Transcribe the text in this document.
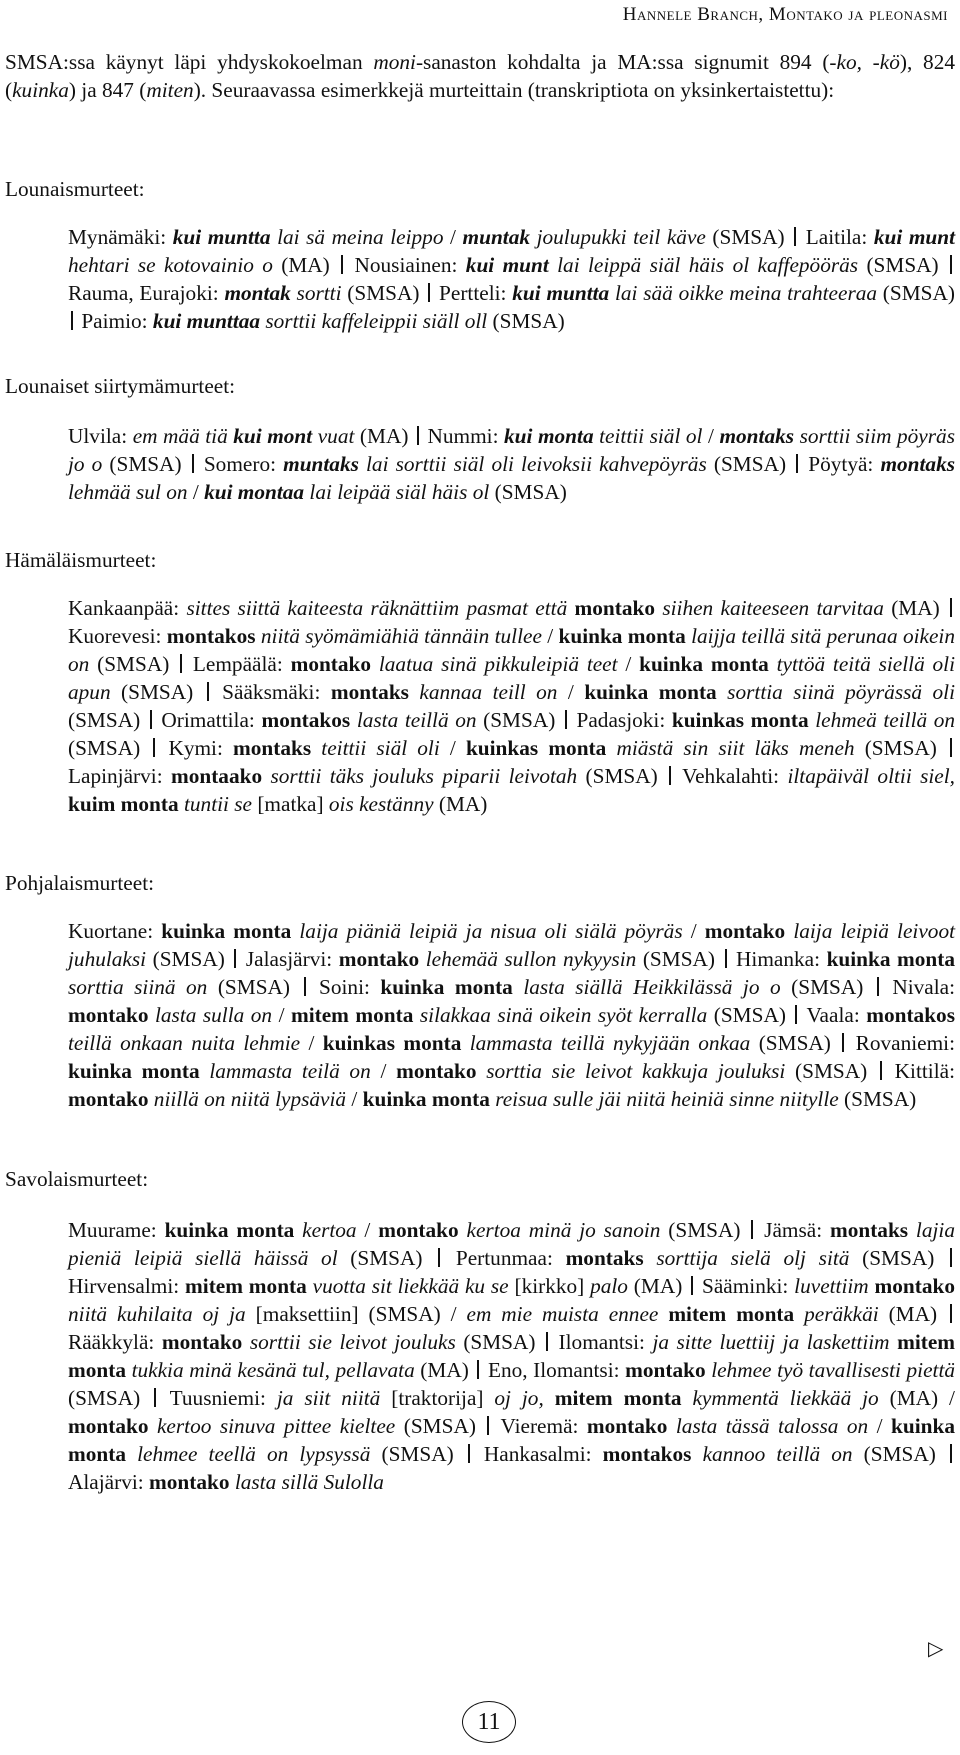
Hannele Branch, Montako ja pleonasmi
SMSA:ssa käynyt läpi yhdyskokoelman moni-sanaston kohdalta ja MA:ssa signumit 894 (-ko, -kö), 824 (kuinka) ja 847 (miten). Seuraavassa esimerkkejä murteittain (transkriptiota on yksinkertaistettu):
Lounaismurteet:
Mynämäki: kui muntta lai sä meina leippo / muntak joulupukki teil käve (SMSA)  Laitila: kui munt hehtari se kotovainio o (MA)  Nousiainen: kui munt lai leippä siäl häis ol kaffepööräs (SMSA)  Rauma, Eurajoki: montak sortti (SMSA)  Pertteli: kui muntta lai sää oikke meina trahteeraa (SMSA)  Paimio: kui munttaa sorttii kaffeleippii siäll oll (SMSA)
Lounaiset siirtymämurteet:
Ulvila: em mää tiä kui mont vuat (MA)  Nummi: kui monta teittii siäl ol / montaks sorttii siim pöyräs jo o (SMSA)  Somero: muntaks lai sorttii siäl oli leivoksii kahvepöyräs (SMSA)  Pöytyä: montaks lehmää sul on / kui montaa lai leipää siäl häis ol (SMSA)
Hämäläismurteet:
Kankaanpää: sittes siittä kaiteesta räknättiim pasmat että montako siihen kaiteeseen tarvitaa (MA)  Kuorevesi: montakos niitä syömämiähiä tännäin tullee / kuinka monta laijja teillä sitä perunaa oikein on (SMSA)  Lempäälä: montako laatua sinä pikkuleipiä teet / kuinka monta tyttöä teitä siellä oli apun (SMSA)  Sääksmäki: montaks kannaa teill on / kuinka monta sorttia siinä pöyrässä oli (SMSA)  Orimattila: montakos lasta teillä on (SMSA)  Padasjoki: kuinkas monta lehmeä teillä on (SMSA)  Kymi: montaks teittii siäl oli / kuinkas monta miästä sin siit läks meneh (SMSA)  Lapinjärvi: montaako sorttii täks jouluks piparii leivotah (SMSA)  Vehkalahti: iltapäiväl oltii siel, kuim monta tuntii se [matka] ois kestänny (MA)
Pohjalaismurteet:
Kuortane: kuinka monta laija piäniä leipiä ja nisua oli siälä pöyräs / montako laija leipiä leivoot juhulaksi (SMSA)  Jalasjärvi: montako lehemää sullon nykyysin (SMSA)  Himanka: kuinka monta sorttia siinä on (SMSA)  Soini: kuinka monta lasta siällä Heikkilässä jo o (SMSA)  Nivala: montako lasta sulla on / mitem monta silakkaa sinä oikein syöt kerralla (SMSA)  Vaala: montakos teillä onkaan nuita lehmie / kuinkas monta lammasta teillä nykyjään onkaa (SMSA)  Rovaniemi: kuinka monta lammasta teilä on / montako sorttia sie leivot kakkuja jouluksi (SMSA)  Kittilä: montako niillä on niitä lypsäviä / kuinka monta reisua sulle jäi niitä heiniä sinne niitylle (SMSA)
Savolaismurteet:
Muurame: kuinka monta kertoa / montako kertoa minä jo sanoin (SMSA)  Jämsä: montaks lajia pieniä leipiä siellä häissä ol (SMSA)  Pertunmaa: montaks sorttija sielä olj sitä (SMSA)  Hirvensalmi: mitem monta vuotta sit liekkää ku se [kirkko] palo (MA)  Sääminki: luvettiim montako niitä kuhilaita oj ja [maksettiin] (SMSA) / em mie muista ennee mitem monta peräkkäi (MA)  Rääkkylä: montako sorttii sie leivot jouluks (SMSA)  Ilomantsi: ja sitte luettiij ja laskettiim mitem monta tukkia minä kesänä tul, pellavata (MA)  Eno, Ilomantsi: montako lehmee työ tavallisesti piettä (SMSA)  Tuusniemi: ja siit niitä [traktorija] oj jo, mitem monta kymmentä liekkää jo (MA) / montako kertoo sinuva pittee kieltee (SMSA)  Vieremä: montako lasta tässä talossa on / kuinka monta lehmee teellä on lypsyssä (SMSA)  Hankasalmi: montakos kannoo teillä on (SMSA)  Alajärvi: montako lasta sillä Sulolla
▷
11
